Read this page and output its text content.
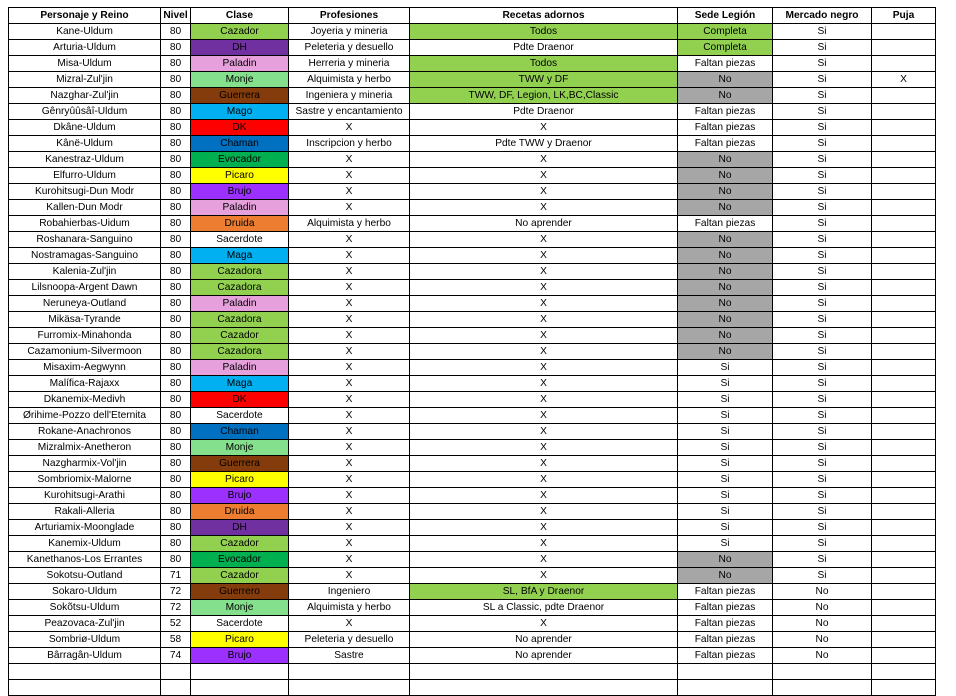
Personaje y Reino	Nivel	Clase	Profesiones	Recetas adornos	Sede Legión	Mercado negro	Puja
Kane-Uldum	80	Cazador	Joyeria y mineria	Todos	Completa	Si	
Arturia-Uldum	80	DH	Peleteria y desuello	Pdte Draenor	Completa	Si	
Misa-Uldum	80	Paladin	Herreria y mineria	Todos	Faltan piezas	Si	
Mizral-Zul'jin	80	Monje	Alquimista y herbo	TWW y DF	No	Si	X
Nazghar-Zul'jin	80	Guerrera	Ingeniera y mineria	TWW, DF, Legion, LK,BC,Classic	No	Si	
Gênryûûsâî-Uldum	80	Mago	Sastre y encantamiento	Pdte Draenor	Faltan piezas	Si	
Dkâne-Uldum	80	DK	X	X	Faltan piezas	Si	
Kânë-Uldum	80	Chaman	Inscripcion y herbo	Pdte TWW y Draenor	Faltan piezas	Si	
Kanestraz-Uldum	80	Evocador	X	X	No	Si	
Elfurro-Uldum	80	Picaro	X	X	No	Si	
Kurohitsugi-Dun Modr	80	Brujo	X	X	No	Si	
Kallen-Dun Modr	80	Paladin	X	X	No	Si	
Robahierbas-Uidum	80	Druida	Alquimista y herbo	No aprender	Faltan piezas	Si	
Roshanara-Sanguino	80	Sacerdote	X	X	No	Si	
Nostramagas-Sanguino	80	Maga	X	X	No	Si	
Kalenia-Zul'jin	80	Cazadora	X	X	No	Si	
Lilsnoopa-Argent Dawn	80	Cazadora	X	X	No	Si	
Neruneya-Outland	80	Paladin	X	X	No	Si	
Mikäsa-Tyrande	80	Cazadora	X	X	No	Si	
Furromix-Minahonda	80	Cazador	X	X	No	Si	
Cazamonium-Silvermoon	80	Cazadora	X	X	No	Si	
Misaxim-Aegwynn	80	Paladin	X	X	Si	Si	
Malífica-Rajaxx	80	Maga	X	X	Si	Si	
Dkanemix-Medivh	80	DK	X	X	Si	Si	
Ørihime-Pozzo dell'Eternita	80	Sacerdote	X	X	Si	Si	
Rokane-Anachronos	80	Chaman	X	X	Si	Si	
Mizralmix-Anetheron	80	Monje	X	X	Si	Si	
Nazgharmix-Vol'jin	80	Guerrera	X	X	Si	Si	
Sombriomix-Malorne	80	Picaro	X	X	Si	Si	
Kurohitsugi-Arathi	80	Brujo	X	X	Si	Si	
Rakali-Alleria	80	Druida	X	X	Si	Si	
Arturiamix-Moonglade	80	DH	X	X	Si	Si	
Kanemix-Uldum	80	Cazador	X	X	Si	Si	
Kanethanos-Los Errantes	80	Evocador	X	X	No	Si	
Sokotsu-Outland	71	Cazador	X	X	No	Si	
Sokaro-Uldum	72	Guerrero	Ingeniero	SL, BfA y Draenor	Faltan piezas	No	
Sokõtsu-Uldum	72	Monje	Alquimista y herbo	SL a Classic, pdte Draenor	Faltan piezas	No	
Peazovaca-Zul'jin	52	Sacerdote	X	X	Faltan piezas	No	
Sombriø-Uldum	58	Picaro	Peleteria y desuello	No aprender	Faltan piezas	No	
Bârragân-Uldum	74	Brujo	Sastre	No aprender	Faltan piezas	No	
